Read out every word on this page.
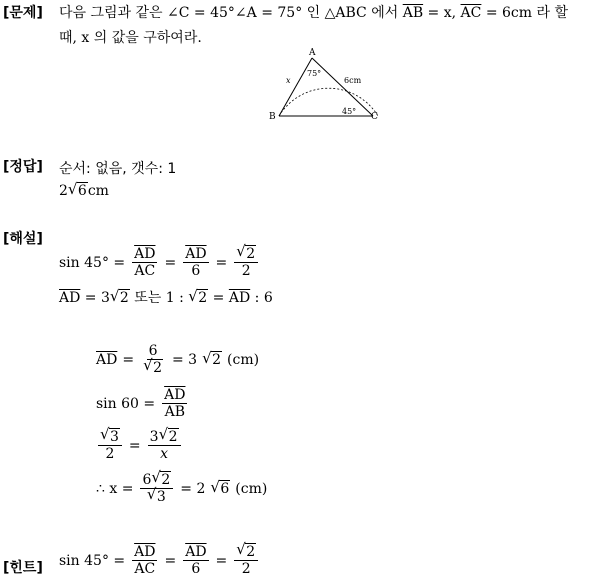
[문제] 다음 그림과 같은 ∠C = 45°∠A = 75° 인 △ABC 에서 $\overline{AB} = x$, $\overline{AC} = 6cm$ 라 할
때, x 의 값을 구하여라.
A
B	C
x	6cm
75°
45°
[정답] 순서: 없음, 갯수: 1
2 √ 6cm
[해설]
$\sin 45^\circ = \frac{\overline{AD}}{AC} = \frac{\overline{AD}}{6} = \frac{√ 2}{2}$
$\overline{AD} = 3$ √ 2 또는 1 : √ $2 = \overline{AD}$ : 6
$\overline{AD} = \frac{6}{√ 2} = 3$ √ 2 (cm)
$\sin 60 = \frac{\overline{AD}}{AB}$
$\frac{√ 3}{2} = \frac{3 √ 2}{x}$
∴ $x = \frac{6 √ 2}{√ 3} = 2$ √ 6 (cm)
[힌트] $\sin 45^\circ = \frac{\overline{AD}}{AC} = \frac{\overline{AD}}{6} = \frac{√ 2}{2}$
